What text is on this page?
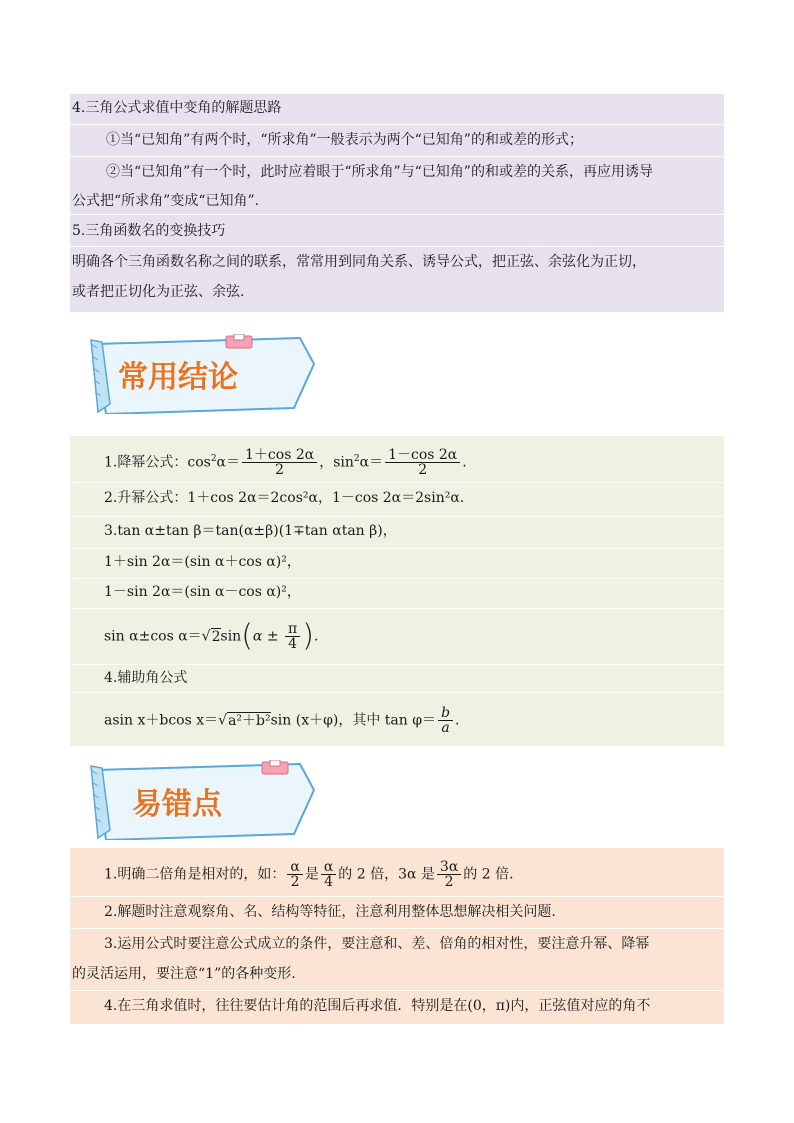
4.三角公式求值中变角的解题思路
①当“已知角”有两个时，“所求角”一般表示为两个“已知角”的和或差的形式；
②当“已知角”有一个时，此时应着眼于“所求角”与“已知角”的和或差的关系，再应用诱导
公式把“所求角”变成“已知角”.
5.三角函数名的变换技巧
明确各个三角函数名称之间的联系，常常用到同角关系、诱导公式，把正弦、余弦化为正切，
或者把正切化为正弦、余弦.
常用结论
1.降幂公式：$\cos^2\alpha= \frac{1+\cos 2\alpha}{2}$ ，$\sin^2\alpha= \frac{1-\cos 2\alpha}{2}$ .
2.升幂公式：1＋cos 2α＝2cos²α，1－cos 2α＝2sin²α.
3.tan α±tan β＝tan(α±β)(1∓tan αtan β)，
1＋sin 2α＝(sin α＋cos α)²，
1－sin 2α＝(sin α－cos α)²，
sin α±cos $\alpha=√2\sin(\alpha \pm \frac{\pi}{4}$ ).
4.辅助角公式
asin x＋bcos x＝√a²＋b²sin (x＋φ)，其中 $\tan \varphi= \frac{b}{a}$ .
易错点
1.明确二倍角是相对的，如： $\frac{\alpha}{2}$ 是 $\frac{\alpha}{4}$ 的 2 倍，3α 是 $\frac{3\alpha}{2}$ 的 2 倍.
2.解题时注意观察角、名、结构等特征，注意利用整体思想解决相关问题.
3.运用公式时要注意公式成立的条件，要注意和、差、倍角的相对性，要注意升幂、降幂
的灵活运用，要注意“1”的各种变形.
4.在三角求值时，往往要估计角的范围后再求值．特别是在(0，π)内，正弦值对应的角不
